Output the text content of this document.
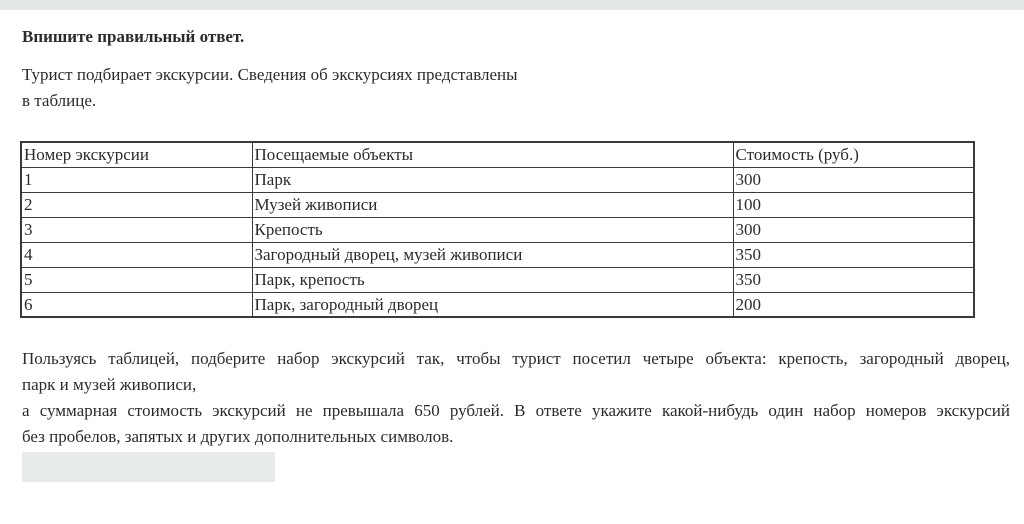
Впишите правильный ответ.

Турист подбирает экскурсии. Сведения об экскурсиях представлены
в таблице.

Номер экскурсии	Посещаемые объекты	Стоимость (руб.)
1	Парк	300
2	Музей живописи	100
3	Крепость	300
4	Загородный дворец, музей живописи	350
5	Парк, крепость	350
6	Парк, загородный дворец	200

Пользуясь таблицей, подберите набор экскурсий так, чтобы турист посетил четыре объекта: крепость, загородный дворец,
парк и музей живописи,
а суммарная стоимость экскурсий не превышала 650 рублей. В ответе укажите какой-нибудь один набор номеров экскурсий
без пробелов, запятых и других дополнительных символов.
